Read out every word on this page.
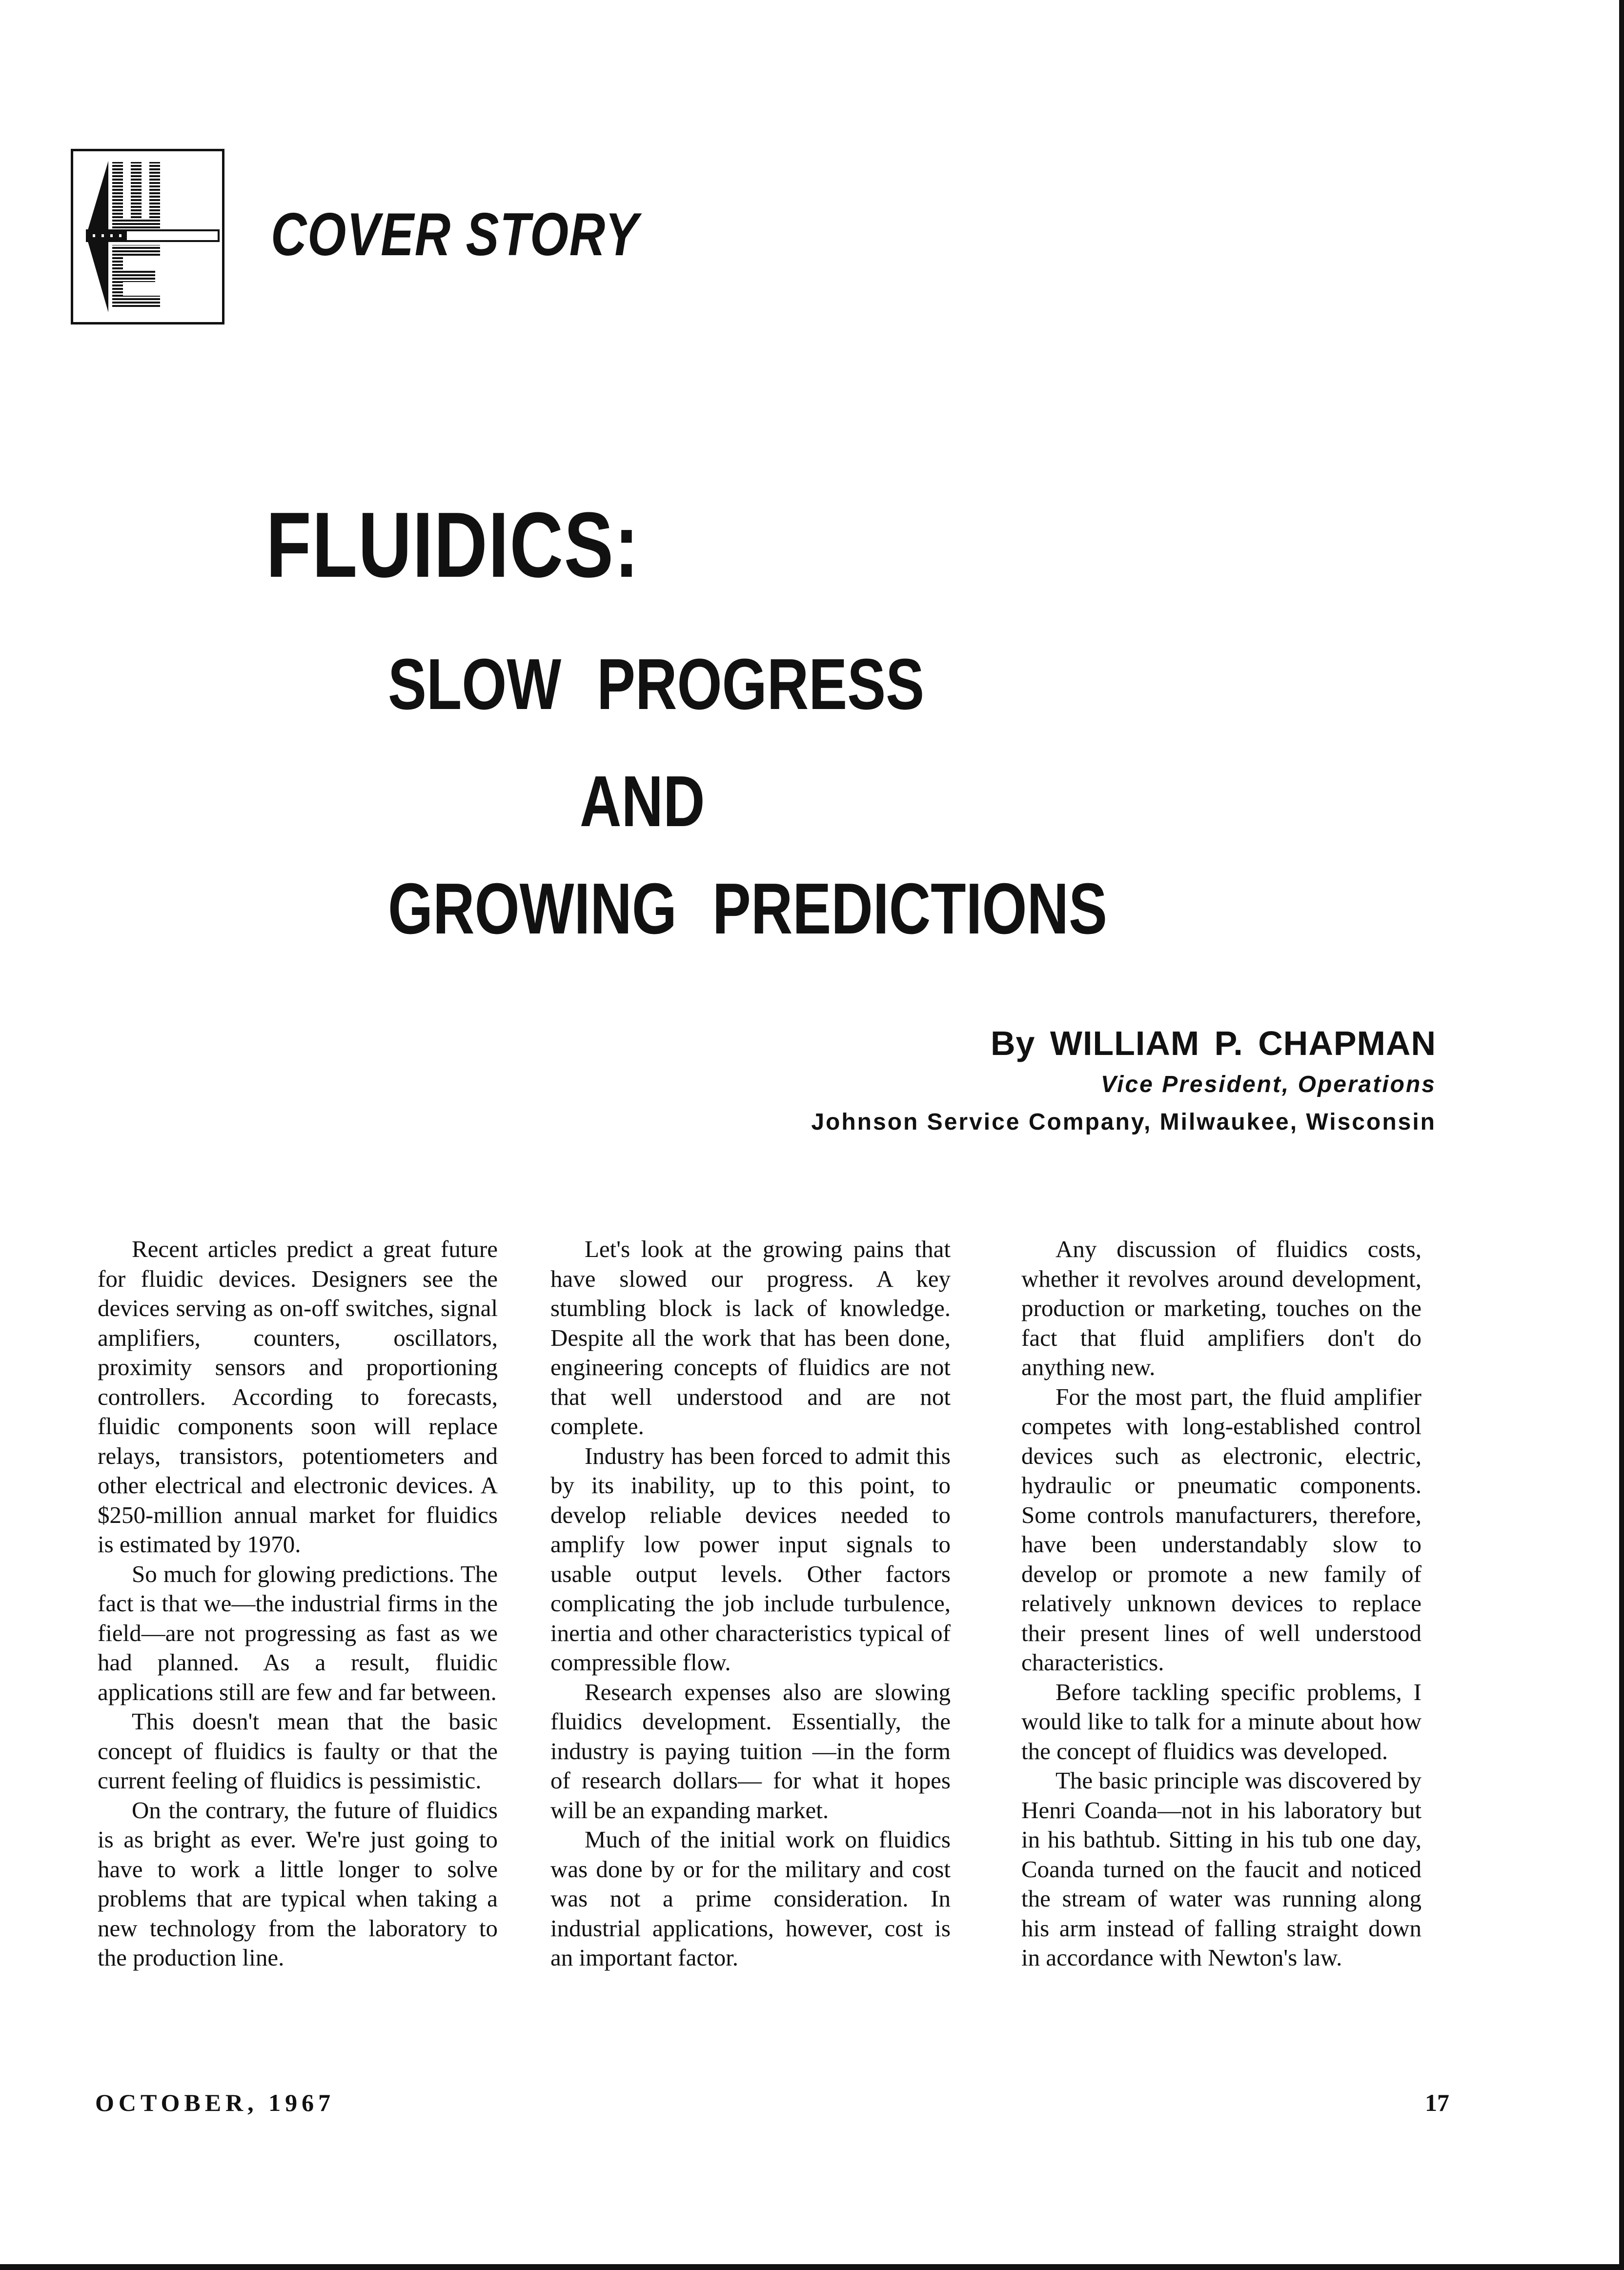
COVER STORY
FLUIDICS:
SLOW PROGRESS
AND
GROWING PREDICTIONS
By WILLIAM P. CHAPMAN
Vice President, Operations
Johnson Service Company, Milwaukee, Wisconsin

Recent articles predict a great future for fluidic devices. Designers see the devices serving as on-off switches, signal amplifiers, counters, oscillators, proximity sensors and proportioning controllers. According to forecasts, fluidic components soon will replace relays, transistors, potentiometers and other electrical and electronic devices. A $250-million annual market for fluidics is estimated by 1970.

So much for glowing predictions. The fact is that we—the industrial firms in the field—are not progressing as fast as we had planned. As a result, fluidic applications still are few and far between.

This doesn't mean that the basic concept of fluidics is faulty or that the current feeling of fluidics is pessimistic.

On the contrary, the future of fluidics is as bright as ever. We're just going to have to work a little longer to solve problems that are typical when taking a new technology from the laboratory to the production line.

Let's look at the growing pains that have slowed our progress. A key stumbling block is lack of knowledge. Despite all the work that has been done, engineering concepts of fluidics are not that well understood and are not complete.

Industry has been forced to admit this by its inability, up to this point, to develop reliable devices needed to amplify low power input signals to usable output levels. Other factors complicating the job include turbulence, inertia and other characteristics typical of compressible flow.

Research expenses also are slowing fluidics development. Essentially, the industry is paying tuition —in the form of research dollars— for what it hopes will be an expanding market.

Much of the initial work on fluidics was done by or for the military and cost was not a prime consideration. In industrial applications, however, cost is an important factor.

Any discussion of fluidics costs, whether it revolves around development, production or marketing, touches on the fact that fluid amplifiers don't do anything new.

For the most part, the fluid amplifier competes with long-established control devices such as electronic, electric, hydraulic or pneumatic components. Some controls manufacturers, therefore, have been understandably slow to develop or promote a new family of relatively unknown devices to replace their present lines of well understood characteristics.

Before tackling specific problems, I would like to talk for a minute about how the concept of fluidics was developed.

The basic principle was discovered by Henri Coanda—not in his laboratory but in his bathtub. Sitting in his tub one day, Coanda turned on the faucit and noticed the stream of water was running along his arm instead of falling straight down in accordance with Newton's law.

OCTOBER, 1967	17
